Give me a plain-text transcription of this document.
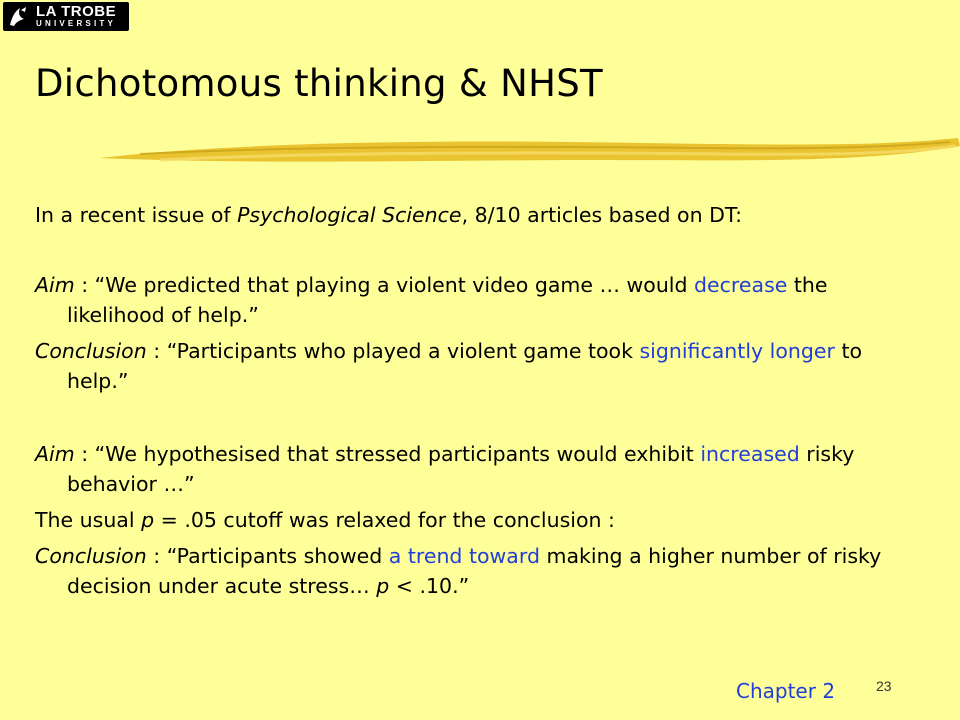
LA TROBE
UNIVERSITY
Dichotomous thinking & NHST

In a recent issue of Psychological Science, 8/10 articles based on DT:

Aim : “We predicted that playing a violent video game … would decrease the likelihood of help.”

Conclusion : “Participants who played a violent game took significantly longer to help.”

Aim : “We hypothesised that stressed participants would exhibit increased risky behavior …”

The usual p = .05 cutoff was relaxed for the conclusion :

Conclusion : “Participants showed a trend toward making a higher number of risky decision under acute stress… p < .10.”

Chapter 2	23
